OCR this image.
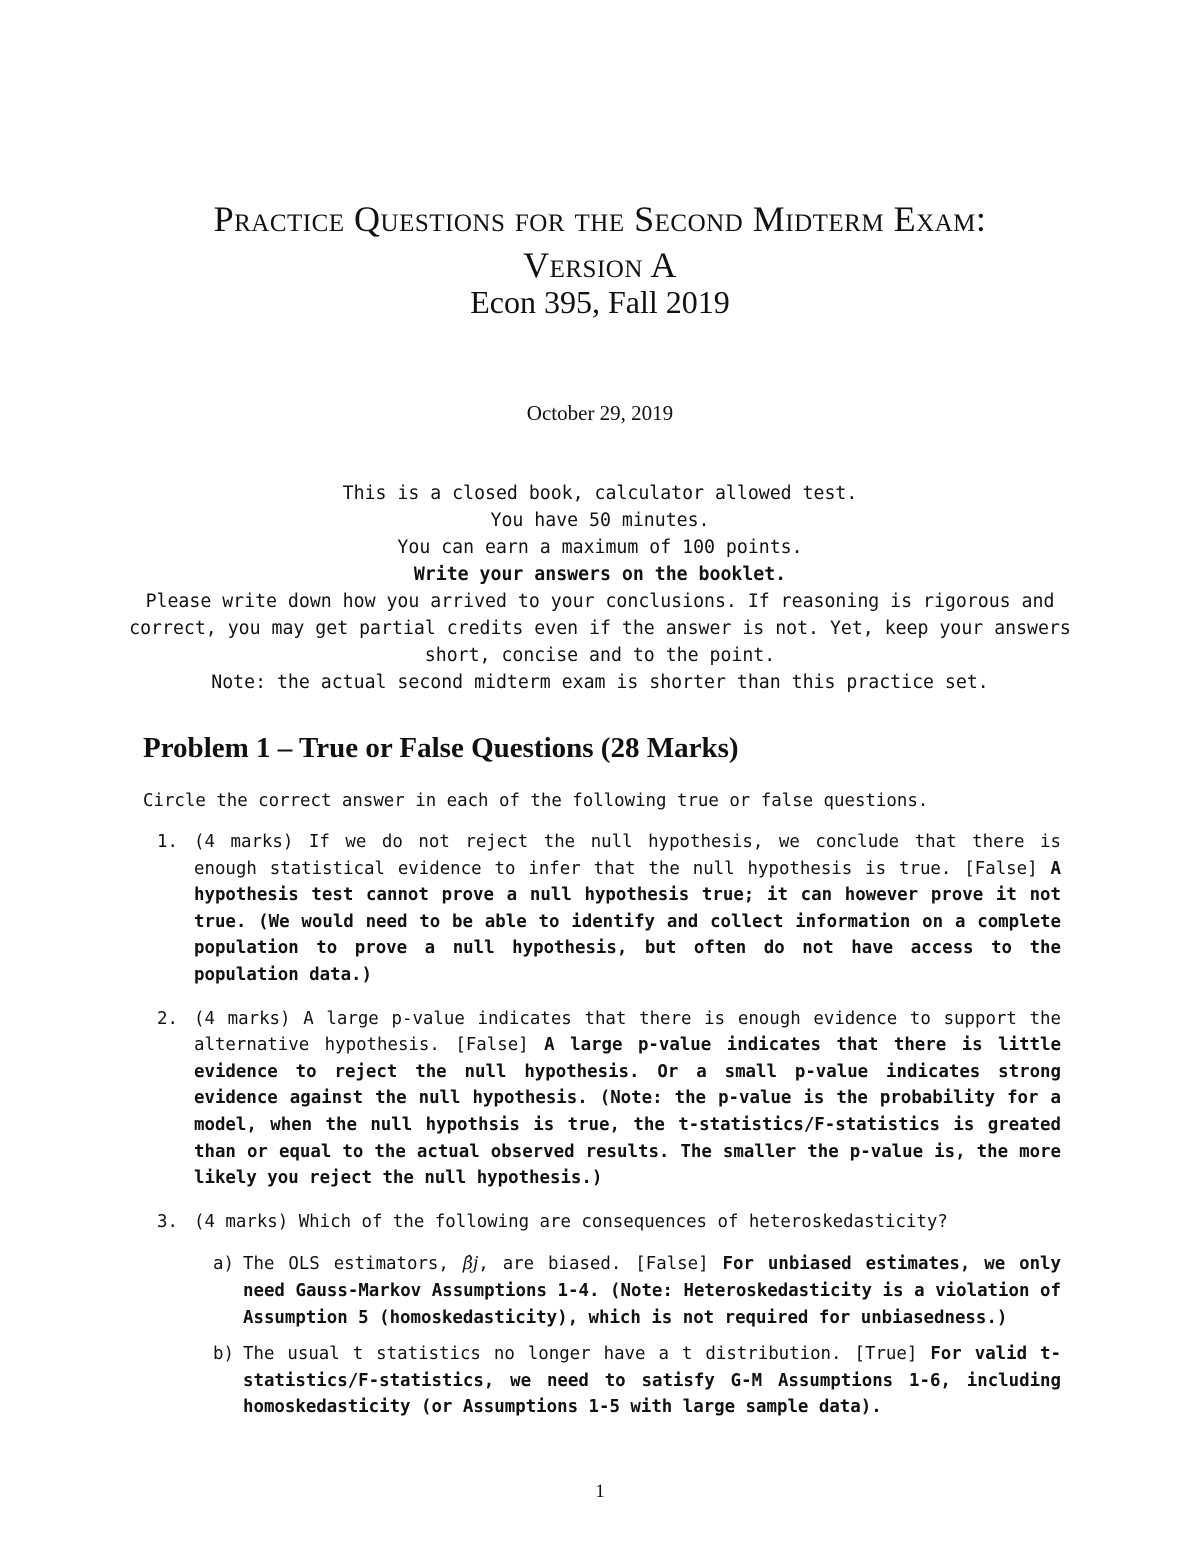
Practice Questions for the Second Midterm Exam:
Version A
Econ 395, Fall 2019
October 29, 2019
This is a closed book, calculator allowed test.
You have 50 minutes.
You can earn a maximum of 100 points.
Write your answers on the booklet.
Please write down how you arrived to your conclusions. If reasoning is rigorous and correct, you may get partial credits even if the answer is not. Yet, keep your answers short, concise and to the point.
Note: the actual second midterm exam is shorter than this practice set.
Problem 1 – True or False Questions (28 Marks)
Circle the correct answer in each of the following true or false questions.
1. (4 marks) If we do not reject the null hypothesis, we conclude that there is enough statistical evidence to infer that the null hypothesis is true. [False] A hypothesis test cannot prove a null hypothesis true; it can however prove it not true. (We would need to be able to identify and collect information on a complete population to prove a null hypothesis, but often do not have access to the population data.)
2. (4 marks) A large p-value indicates that there is enough evidence to support the alternative hypothesis. [False] A large p-value indicates that there is little evidence to reject the null hypothesis. Or a small p-value indicates strong evidence against the null hypothesis. (Note: the p-value is the probability for a model, when the null hypothsis is true, the t-statistics/F-statistics is greated than or equal to the actual observed results. The smaller the p-value is, the more likely you reject the null hypothesis.)
3. (4 marks) Which of the following are consequences of heteroskedasticity?
a) The OLS estimators, β̂j, are biased. [False] For unbiased estimates, we only need Gauss-Markov Assumptions 1-4. (Note: Heteroskedasticity is a violation of Assumption 5 (homoskedasticity), which is not required for unbiasedness.)
b) The usual t statistics no longer have a t distribution. [True] For valid t-statistics/F-statistics, we need to satisfy G-M Assumptions 1-6, including homoskedasticity (or Assumptions 1-5 with large sample data).
1
